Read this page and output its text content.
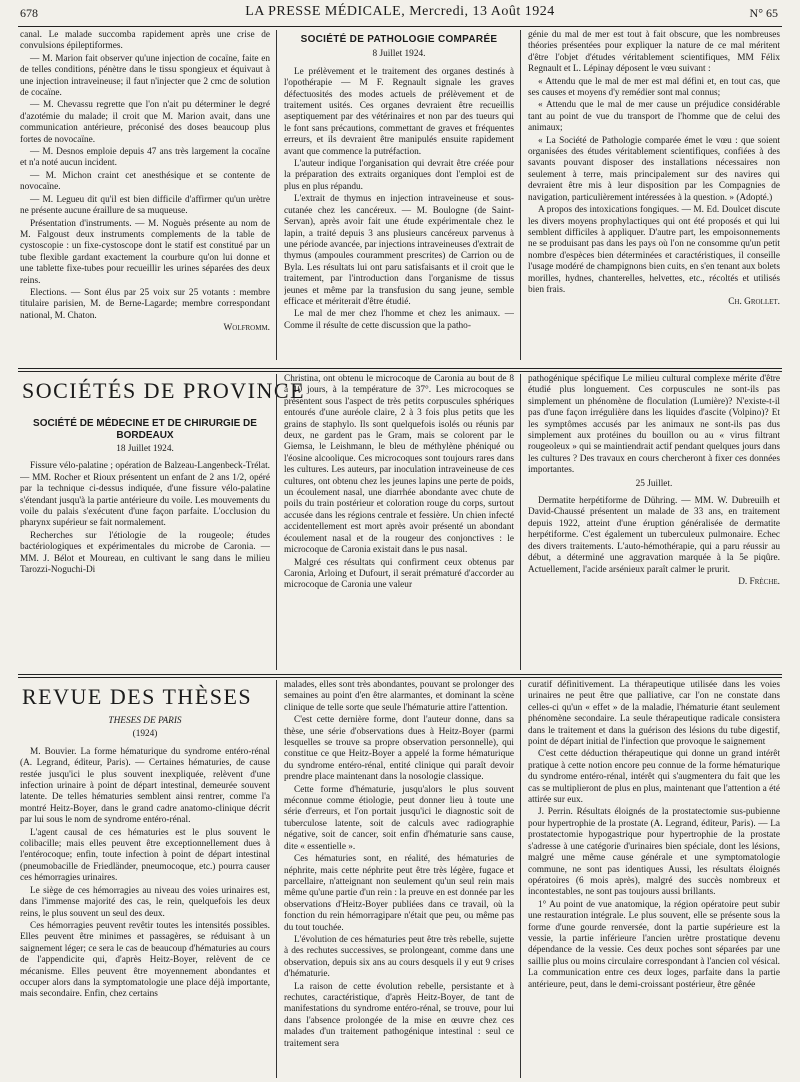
678	LA PRESSE MÉDICALE, Mercredi, 13 Août 1924	N° 65

canal. Le malade succomba rapidement après une crise de convulsions épileptiformes.

— M. Marion fait observer qu'une injection de cocaïne, faite en de telles conditions, pénètre dans le tissu spongieux et équivaut à une injection intraveineuse; il faut n'injecter que 2 cmc de solution de cocaïne.

— M. Chevassu regrette que l'on n'ait pu déterminer le degré d'azotémie du malade; il croit que M. Marion avait, dans une communication antérieure, préconisé des doses beaucoup plus fortes de novocaïne.

— M. Desnos emploie depuis 47 ans très largement la cocaïne et n'a noté aucun incident.

— M. Michon craint cet anesthésique et se contente de novocaïne.

— M. Legueu dit qu'il est bien difficile d'affirmer qu'un urètre ne présente aucune éraillure de sa muqueuse.

Présentation d'instruments. — M. Noguès présente au nom de M. Falgoust deux instruments complements de la table de cystoscopie : un fixe-cystoscope dont le statif est constitué par un tube flexible gardant exactement la courbure qu'on lui donne et une tablette fixe-tubes pour recueillir les urines séparées des deux reins.

Elections. — Sont élus par 25 voix sur 25 votants : membre titulaire parisien, M. de Berne-Lagarde; membre correspondant national, M. Chaton.

Wolfromm.

SOCIÉTÉ DE PATHOLOGIE COMPARÉE
8 Juillet 1924.

Le prélèvement et le traitement des organes destinés à l'opothérapie — M F. Regnault signale les graves défectuosités des modes actuels de prélèvement et de traitement usités. Ces organes devraient être recueillis aseptiquement par des vétérinaires et non par des tueurs qui le font sans précautions, commettant de graves et fréquentes erreurs, et ils devraient être manipulés ensuite rapidement avant que commence la putréfaction.

L'auteur indique l'organisation qui devrait être créée pour la préparation des extraits organiques dont l'emploi est de plus en plus répandu.

L'extrait de thymus en injection intraveineuse et sous-cutanée chez les cancéreux. — M. Boulogne (de Saint-Servan), après avoir fait une étude expérimentale chez le lapin, a traité depuis 3 ans plusieurs cancéreux parvenus à une période avancée, par injections intraveineuses d'extrait de thymus (ampoules couramment prescrites) de Carrion ou de Byla. Les résultats lui ont paru satisfaisants et il croit que le traitement, par l'introduction dans l'organisme de tissus jeunes et même par la transfusion du sang jeune, semble efficace et mériterait d'être étudié.

Le mal de mer chez l'homme et chez les animaux. — Comme il résulte de cette discussion que la patho-

génie du mal de mer est tout à fait obscure, que les nombreuses théories présentées pour expliquer la nature de ce mal méritent d'être l'objet d'études véritablement scientifiques, MM Félix Regnault et L. Lépinay déposent le vœu suivant :

« Attendu que le mal de mer est mal défini et, en tout cas, que ses causes et moyens d'y remédier sont mal connus;

« Attendu que le mal de mer cause un préjudice considérable tant au point de vue du transport de l'homme que de celui des animaux;

« La Société de Pathologie comparée émet le vœu : que soient organisées des études véritablement scientifiques, confiées à des savants pouvant disposer des installations nécessaires non seulement à terre, mais principalement sur des navires qui devraient être mis à leur disposition par les Compagnies de navigation, particulièrement intéressées à la question. » (Adopté.)

A propos des intoxications fongiques. — M. Ed. Doulcet discute les divers moyens prophylactiques qui ont été proposés et qui lui semblent difficiles à appliquer. D'autre part, les empoisonnements ne se produisant pas dans les pays où l'on ne consomme qu'un petit nombre d'espèces bien déterminées et caractéristiques, il conseille l'usage modéré de champignons bien cuits, en s'en tenant aux bolets morilles, hydnes, chanterelles, helvettes, etc., récoltés et utilisés bien frais.

Ch. Grollet.

SOCIÉTÉS DE PROVINCE
SOCIÉTÉ DE MÉDECINE ET DE CHIRURGIE DE BORDEAUX
18 Juillet 1924.

Fissure vélo-palatine ; opération de Balzeau-Langenbeck-Trélat. — MM. Rocher et Rioux présentent un enfant de 2 ans 1/2, opéré par la technique ci-dessus indiquée, d'une fissure vélo-palatine s'étendant jusqu'à la partie antérieure du voile. Les mouvements du voile du palais s'exécutent d'une façon parfaite. L'occlusion du pharynx supérieur se fait normalement.

Recherches sur l'étiologie de la rougeole; études bactériologiques et expérimentales du microbe de Caronia. — MM. J. Bélot et Moureau, en cultivant le sang dans le milieu Tarozzi-Noguchi-Di

Christina, ont obtenu le microcoque de Caronia au bout de 8 à 10 jours, à la température de 37°. Les microcoques se présentent sous l'aspect de très petits corpuscules sphériques entourés d'une auréole claire, 2 à 3 fois plus petits que les grains de staphylo. Ils sont quelquefois isolés ou réunis par deux, ne gardent pas le Gram, mais se colorent par le Giemsa, le Leishmann, le bleu de méthylène phéniqué ou l'éosine alcoolique. Ces microcoques sont toujours rares dans les cultures. Les auteurs, par inoculation intraveineuse de ces cultures, ont obtenu chez les jeunes lapins une perte de poids, un écoulement nasal, une diarrhée abondante avec chute de poils du train postérieur et coloration rouge du corps, surtout accusée dans les régions centrale et fessière. Un chien infecté accidentellement est mort après avoir présenté un abondant écoulement nasal et de la rougeur des conjonctives : le microcoque de Caronia existait dans le pus nasal.

Malgré ces résultats qui confirment ceux obtenus par Caronia, Arloing et Dufourt, il serait prématuré d'accorder au microcoque de Caronia une valeur

pathogénique spécifique Le milieu cultural complexe mérite d'être étudié plus longuement. Ces corpuscules ne sont-ils pas simplement un phénomène de floculation (Lumière)? N'existe-t-il pas d'une façon irrégulière dans les liquides d'ascite (Volpino)? Et les symptômes accusés par les animaux ne sont-ils pas dus simplement aux protéines du bouillon ou au « virus filtrant rougeoleux » qui se maintiendrait actif pendant quelques jours dans les cultures ? Des travaux en cours chercheront à fixer ces données importantes.

25 Juillet.

Dermatite herpétiforme de Dühring. — MM. W. Dubreuilh et David-Chaussé présentent un malade de 33 ans, en traitement depuis 1922, atteint d'une éruption généralisée de dermatite herpétiforme. C'est également un tuberculeux pulmonaire. Echec des divers traitements. L'auto-hémothérapie, qui a paru réussir au début, a déterminé une aggravation marquée à la 5e piqûre. Actuellement, l'acide arsénieux paraît calmer le prurit.

D. Frèche.

REVUE DES THÈSES
THÈSES DE PARIS
(1924)

M. Bouvier. La forme hématurique du syndrome entéro-rénal (A. Legrand, éditeur, Paris). — Certaines hématuries, de cause restée jusqu'ici le plus souvent inexpliquée, relèvent d'une infection urinaire à point de départ intestinal, demeurée souvent latente. De telles hématuries semblent ainsi rentrer, comme l'a montré Heitz-Boyer, dans le grand cadre anatomo-clinique décrit par lui sous le nom de syndrome entéro-rénal.

L'agent causal de ces hématuries est le plus souvent le colibacille; mais elles peuvent être exceptionnellement dues à l'entérocoque; enfin, toute infection à point de départ intestinal (pneumobacille de Friedländer, pneumocoque, etc.) pourra causer ces hémorragies urinaires.

Le siège de ces hémorragies au niveau des voies urinaires est, dans l'immense majorité des cas, le rein, quelquefois les deux reins, le plus souvent un seul des deux.

Ces hémorragies peuvent revêtir toutes les intensités possibles. Elles peuvent être minimes et passagères, se réduisant à un saignement léger; ce sera le cas de beaucoup d'hématuries au cours de l'appendicite qui, d'après Heitz-Boyer, relèvent de ce mécanisme. Elles peuvent être moyennement abondantes et occuper alors dans la symptomatologie une place déjà importante, mais secondaire. Enfin, chez certains

malades, elles sont très abondantes, pouvant se prolonger des semaines au point d'en être alarmantes, et dominant la scène clinique de telle sorte que seule l'hématurie attire l'attention.

C'est cette dernière forme, dont l'auteur donne, dans sa thèse, une série d'observations dues à Heitz-Boyer (parmi lesquelles se trouve sa propre observation personnelle), qui constitue ce que Heitz-Boyer a appelé la forme hématurique du syndrome entéro-rénal, entité clinique qui paraît devoir prendre place maintenant dans la nosologie classique.

Cette forme d'hématurie, jusqu'alors le plus souvent méconnue comme étiologie, peut donner lieu à toute une série d'erreurs, et l'on portait jusqu'ici le diagnostic soit de tuberculose latente, soit de calculs avec radiographie négative, soit de cancer, soit enfin d'hématurie sans cause, dite « essentielle ».

Ces hématuries sont, en réalité, des hématuries de néphrite, mais cette néphrite peut être très légère, fugace et parcellaire, n'atteignant non seulement qu'un seul rein mais même qu'une partie d'un rein : la preuve en est donnée par les observations d'Heitz-Boyer publiées dans ce travail, où la fonction du rein hémorragipare n'était que peu, ou même pas du tout touchée.

L'évolution de ces hématuries peut être très rebelle, sujette à des rechutes successives, se prolongeant, comme dans une observation, depuis six ans au cours desquels il y eut 9 crises d'hématurie.

La raison de cette évolution rebelle, persistante et à rechutes, caractéristique, d'après Heitz-Boyer, de tant de manifestations du syndrome entéro-rénal, se trouve, pour lui dans l'absence prolongée de la mise en œuvre chez ces malades d'un traitement pathogénique intestinal : seul ce traitement sera

curatif définitivement. La thérapeutique utilisée dans les voies urinaires ne peut être que palliative, car l'on ne constate dans celles-ci qu'un « effet » de la maladie, l'hématurie étant seulement phénomène secondaire. La seule thérapeutique radicale consistera dans le traitement et dans la guérison des lésions du tube digestif, point de départ initial de l'infection que provoque le saignement

C'est cette déduction thérapeutique qui donne un grand intérêt pratique à cette notion encore peu connue de la forme hématurique du syndrome entéro-rénal, intérêt qui s'augmentera du fait que les cas se multiplieront de plus en plus, maintenant que l'attention a été attirée sur eux.

J. Perrin. Résultats éloignés de la prostatectomie sus-pubienne pour hypertrophie de la prostate (A. Legrand, éditeur, Paris). — La prostatectomie hypogastrique pour hypertrophie de la prostate s'adresse à une catégorie d'urinaires bien spéciale, dont les lésions, malgré une même cause générale et une symptomatologie commune, ne sont pas identiques Aussi, les résultats éloignés opératoires (6 mois après), malgré des succès nombreux et incontestables, ne sont pas toujours aussi brillants.

1° Au point de vue anatomique, la région opératoire peut subir une restauration intégrale. Le plus souvent, elle se présente sous la forme d'une gourde renversée, dont la partie supérieure est la vessie, la partie inférieure l'ancien urètre prostatique devenu dépendance de la vessie. Ces deux poches sont séparées par une saillie plus ou moins circulaire correspondant à l'ancien col vésical. La communication entre ces deux loges, parfaite dans la partie antérieure, peut, dans le demi-croissant postérieur, être gênée
